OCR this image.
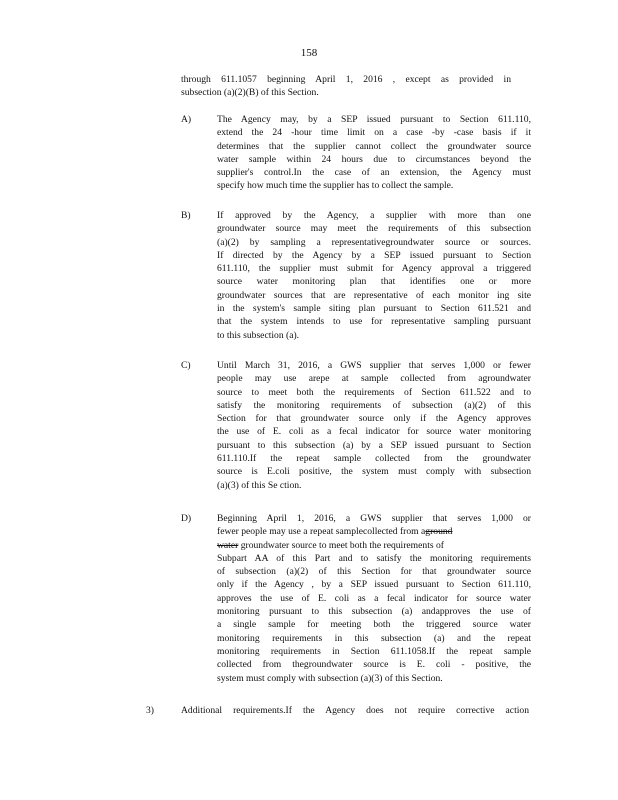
158
through 611.1057 beginning April 1, 2016 , except as provided in
subsection (a)(2)(B) of this Section.
A)	The Agency may, by a SEP issued pursuant to Section 611.110,
extend the 24 -hour time limit on a case -by -case basis if it
determines that the supplier cannot collect the groundwater source
water sample within 24 hours due to circumstances beyond the
supplier's control.In the case of an extension, the Agency must
specify how much time the supplier has to collect the sample.
B)	If approved by the Agency, a supplier with more than one
groundwater source may meet the requirements of this subsection
(a)(2) by sampling a representativegroundwater source or sources.
If directed by the Agency by a SEP issued pursuant to Section
611.110, the supplier must submit for Agency approval a triggered
source water monitoring plan that identifies one or more
groundwater sources that are representative of each monitor ing site
in the system's sample siting plan pursuant to Section 611.521 and
that the system intends to use for representative sampling pursuant
to this subsection (a).
C)	Until March 31, 2016, a GWS supplier that serves 1,000 or fewer
people may use arepe at sample collected from agroundwater
source to meet both the requirements of Section 611.522 and to
satisfy the monitoring requirements of subsection (a)(2) of this
Section for that groundwater source only if the Agency approves
the use of E. coli as a fecal indicator for source water monitoring
pursuant to this subsection (a) by a SEP issued pursuant to Section
611.110.If the repeat sample collected from the groundwater
source is E.coli positive, the system must comply with subsection
(a)(3) of this Se ction.
D)	Beginning April 1, 2016, a GWS supplier that serves 1,000 or
fewer people may use a repeat samplecollected from aground
water groundwater source to meet both the requirements of
Subpart AA of this Part and to satisfy the monitoring requirements
of subsection (a)(2) of this Section for that groundwater source
only if the Agency , by a SEP issued pursuant to Section 611.110,
approves the use of E. coli as a fecal indicator for source water
monitoring pursuant to this subsection (a) andapproves the use of
a single sample for meeting both the triggered source water
monitoring requirements in this subsection (a) and the repeat
monitoring requirements in Section 611.1058.If the repeat sample
collected from thegroundwater source is E. coli - positive, the
system must comply with subsection (a)(3) of this Section.
3)	Additional requirements.If the Agency does not require corrective action
